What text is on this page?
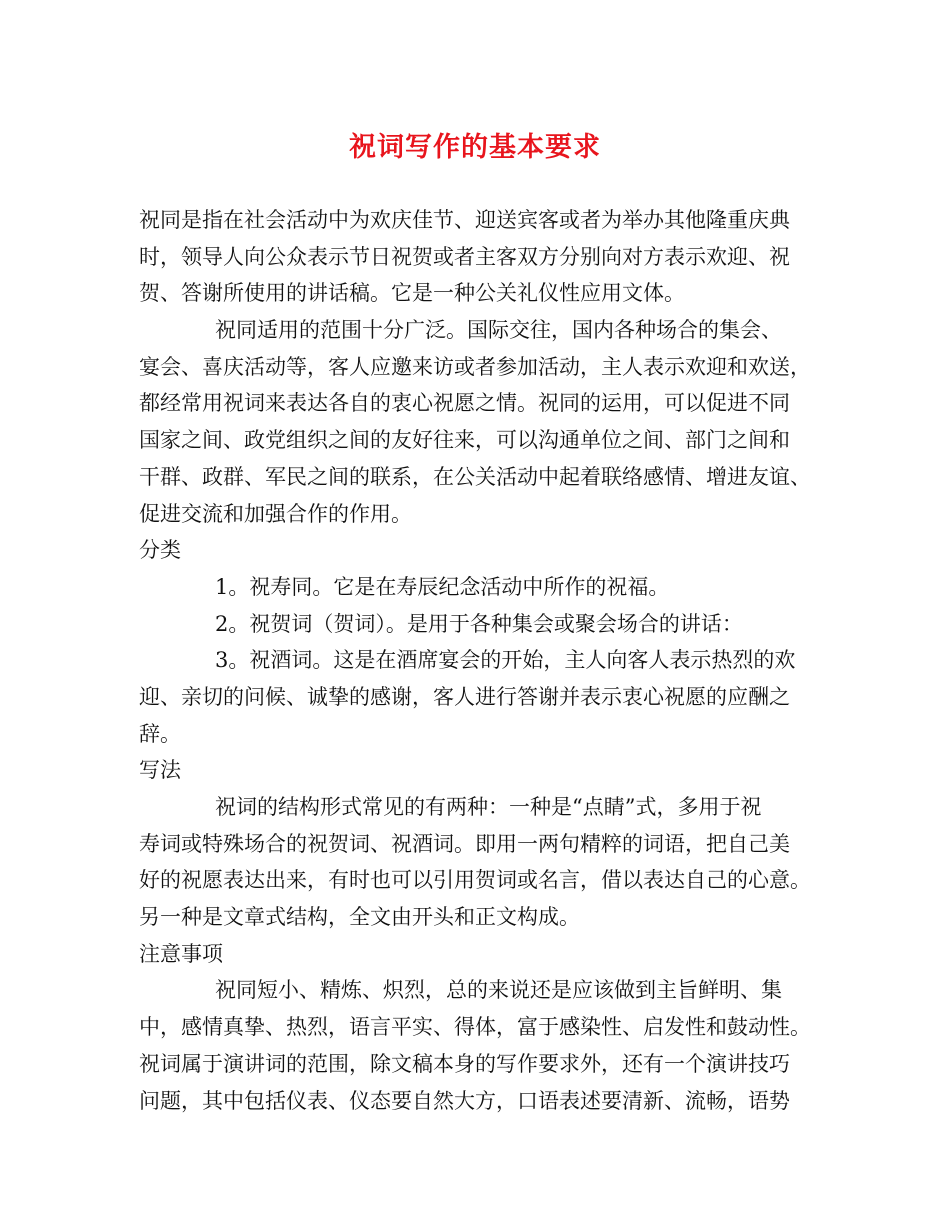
祝词写作的基本要求
祝同是指在社会活动中为欢庆佳节、迎送宾客或者为举办其他隆重庆典
时，领导人向公众表示节日祝贺或者主客双方分别向对方表示欢迎、祝
贺、答谢所使用的讲话稿。它是一种公关礼仪性应用文体。
祝同适用的范围十分广泛。国际交往，国内各种场合的集会、
宴会、喜庆活动等，客人应邀来访或者参加活动，主人表示欢迎和欢送，
都经常用祝词来表达各自的衷心祝愿之情。祝同的运用，可以促进不同
国家之间、政党组织之间的友好往来，可以沟通单位之间、部门之间和
干群、政群、军民之间的联系，在公关活动中起着联络感情、增进友谊、
促进交流和加强合作的作用。
分类
1。祝寿同。它是在寿辰纪念活动中所作的祝福。
2。祝贺词（贺词）。是用于各种集会或聚会场合的讲话：
3。祝酒词。这是在酒席宴会的开始，主人向客人表示热烈的欢
迎、亲切的问候、诚挚的感谢，客人进行答谢并表示衷心祝愿的应酬之
辞。
写法
祝词的结构形式常见的有两种：一种是“点睛”式，多用于祝
寿词或特殊场合的祝贺词、祝酒词。即用一两句精粹的词语，把自己美
好的祝愿表达出来，有时也可以引用贺词或名言，借以表达自己的心意。
另一种是文章式结构，全文由开头和正文构成。
注意事项
祝同短小、精炼、炽烈，总的来说还是应该做到主旨鲜明、集
中，感情真挚、热烈，语言平实、得体，富于感染性、启发性和鼓动性。
祝词属于演讲词的范围，除文稿本身的写作要求外，还有一个演讲技巧
问题，其中包括仪表、仪态要自然大方，口语表述要清新、流畅，语势
